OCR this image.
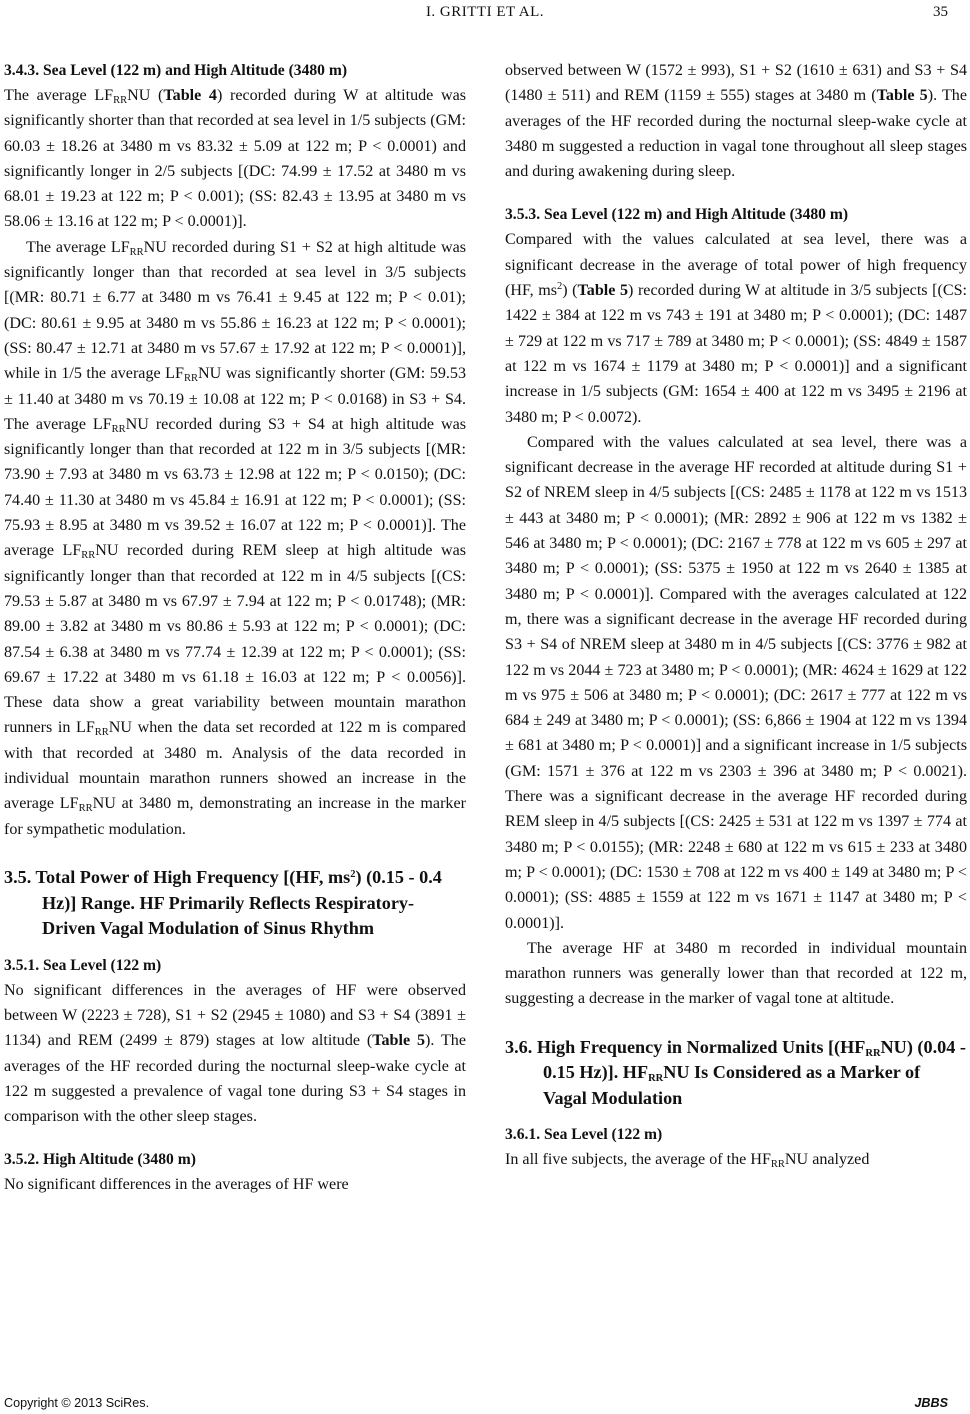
I. GRITTI ET AL.	35
3.4.3. Sea Level (122 m) and High Altitude (3480 m)

The average $LF_{RR}NU$ (Table 4) recorded during W at altitude was significantly shorter than that recorded at sea level in 1/5 subjects (GM: 60.03 ± 18.26 at 3480 m vs 83.32 ± 5.09 at 122 m; P < 0.0001) and significantly longer in 2/5 subjects [(DC: 74.99 ± 17.52 at 3480 m vs 68.01 ± 19.23 at 122 m; P < 0.001); (SS: 82.43 ± 13.95 at 3480 m vs 58.06 ± 13.16 at 122 m; P < 0.0001)].

The average $LF_{RR}NU$ recorded during S1 + S2 at high altitude was significantly longer than that recorded at sea level in 3/5 subjects [(MR: 80.71 ± 6.77 at 3480 m vs 76.41 ± 9.45 at 122 m; P < 0.01); (DC: 80.61 ± 9.95 at 3480 m vs 55.86 ± 16.23 at 122 m; P < 0.0001); (SS: 80.47 ± 12.71 at 3480 m vs 57.67 ± 17.92 at 122 m; P < 0.0001)], while in 1/5 the average $LF_{RR}NU$ was significantly shorter (GM: 59.53 ± 11.40 at 3480 m vs 70.19 ± 10.08 at 122 m; P < 0.0168) in S3 + S4. The average $LF_{RR}NU$ recorded during S3 + S4 at high altitude was significantly longer than that recorded at 122 m in 3/5 subjects [(MR: 73.90 ± 7.93 at 3480 m vs 63.73 ± 12.98 at 122 m; P < 0.0150); (DC: 74.40 ± 11.30 at 3480 m vs 45.84 ± 16.91 at 122 m; P < 0.0001); (SS: 75.93 ± 8.95 at 3480 m vs 39.52 ± 16.07 at 122 m; P < 0.0001)]. The average $LF_{RR}NU$ recorded during REM sleep at high altitude was significantly longer than that recorded at 122 m in 4/5 subjects [(CS: 79.53 ± 5.87 at 3480 m vs 67.97 ± 7.94 at 122 m; P < 0.01748); (MR: 89.00 ± 3.82 at 3480 m vs 80.86 ± 5.93 at 122 m; P < 0.0001); (DC: 87.54 ± 6.38 at 3480 m vs 77.74 ± 12.39 at 122 m; P < 0.0001); (SS: 69.67 ± 17.22 at 3480 m vs 61.18 ± 16.03 at 122 m; P < 0.0056)]. These data show a great variability between mountain marathon runners in $LF_{RR}NU$ when the data set recorded at 122 m is compared with that recorded at 3480 m. Analysis of the data recorded in individual mountain marathon runners showed an increase in the average $LF_{RR}NU$ at 3480 m, demonstrating an increase in the marker for sympathetic modulation.

3.5. Total Power of High Frequency [(HF, $ms^2$) (0.15 - 0.4 Hz)] Range. HF Primarily Reflects Respiratory-Driven Vagal Modulation of Sinus Rhythm
3.5.1. Sea Level (122 m)

No significant differences in the averages of HF were observed between W (2223 ± 728), S1 + S2 (2945 ± 1080) and S3 + S4 (3891 ± 1134) and REM (2499 ± 879) stages at low altitude (Table 5). The averages of the HF recorded during the nocturnal sleep-wake cycle at 122 m suggested a prevalence of vagal tone during S3 + S4 stages in comparison with the other sleep stages.

3.5.2. High Altitude (3480 m)

No significant differences in the averages of HF were

observed between W (1572 ± 993), S1 + S2 (1610 ± 631) and S3 + S4 (1480 ± 511) and REM (1159 ± 555) stages at 3480 m (Table 5). The averages of the HF recorded during the nocturnal sleep-wake cycle at 3480 m suggested a reduction in vagal tone throughout all sleep stages and during awakening during sleep.

3.5.3. Sea Level (122 m) and High Altitude (3480 m)

Compared with the values calculated at sea level, there was a significant decrease in the average of total power of high frequency (HF, $ms^2$) (Table 5) recorded during W at altitude in 3/5 subjects [(CS: 1422 ± 384 at 122 m vs 743 ± 191 at 3480 m; P < 0.0001); (DC: 1487 ± 729 at 122 m vs 717 ± 789 at 3480 m; P < 0.0001); (SS: 4849 ± 1587 at 122 m vs 1674 ± 1179 at 3480 m; P < 0.0001)] and a significant increase in 1/5 subjects (GM: 1654 ± 400 at 122 m vs 3495 ± 2196 at 3480 m; P < 0.0072).

Compared with the values calculated at sea level, there was a significant decrease in the average HF recorded at altitude during S1 + S2 of NREM sleep in 4/5 subjects [(CS: 2485 ± 1178 at 122 m vs 1513 ± 443 at 3480 m; P < 0.0001); (MR: 2892 ± 906 at 122 m vs 1382 ± 546 at 3480 m; P < 0.0001); (DC: 2167 ± 778 at 122 m vs 605 ± 297 at 3480 m; P < 0.0001); (SS: 5375 ± 1950 at 122 m vs 2640 ± 1385 at 3480 m; P < 0.0001)]. Compared with the averages calculated at 122 m, there was a significant decrease in the average HF recorded during S3 + S4 of NREM sleep at 3480 m in 4/5 subjects [(CS: 3776 ± 982 at 122 m vs 2044 ± 723 at 3480 m; P < 0.0001); (MR: 4624 ± 1629 at 122 m vs 975 ± 506 at 3480 m; P < 0.0001); (DC: 2617 ± 777 at 122 m vs 684 ± 249 at 3480 m; P < 0.0001); (SS: 6,866 ± 1904 at 122 m vs 1394 ± 681 at 3480 m; P < 0.0001)] and a significant increase in 1/5 subjects (GM: 1571 ± 376 at 122 m vs 2303 ± 396 at 3480 m; P < 0.0021). There was a significant decrease in the average HF recorded during REM sleep in 4/5 subjects [(CS: 2425 ± 531 at 122 m vs 1397 ± 774 at 3480 m; P < 0.0155); (MR: 2248 ± 680 at 122 m vs 615 ± 233 at 3480 m; P < 0.0001); (DC: 1530 ± 708 at 122 m vs 400 ± 149 at 3480 m; P < 0.0001); (SS: 4885 ± 1559 at 122 m vs 1671 ± 1147 at 3480 m; P < 0.0001)].

The average HF at 3480 m recorded in individual mountain marathon runners was generally lower than that recorded at 122 m, suggesting a decrease in the marker of vagal tone at altitude.

3.6. High Frequency in Normalized Units [$(HF_{RR}NU)$ (0.04 - 0.15 Hz)]. $HF_{RR}NU$ Is Considered as a Marker of Vagal Modulation
3.6.1. Sea Level (122 m)

In all five subjects, the average of the $HF_{RR}NU$ analyzed

Copyright © 2013 SciRes.	JBBS
